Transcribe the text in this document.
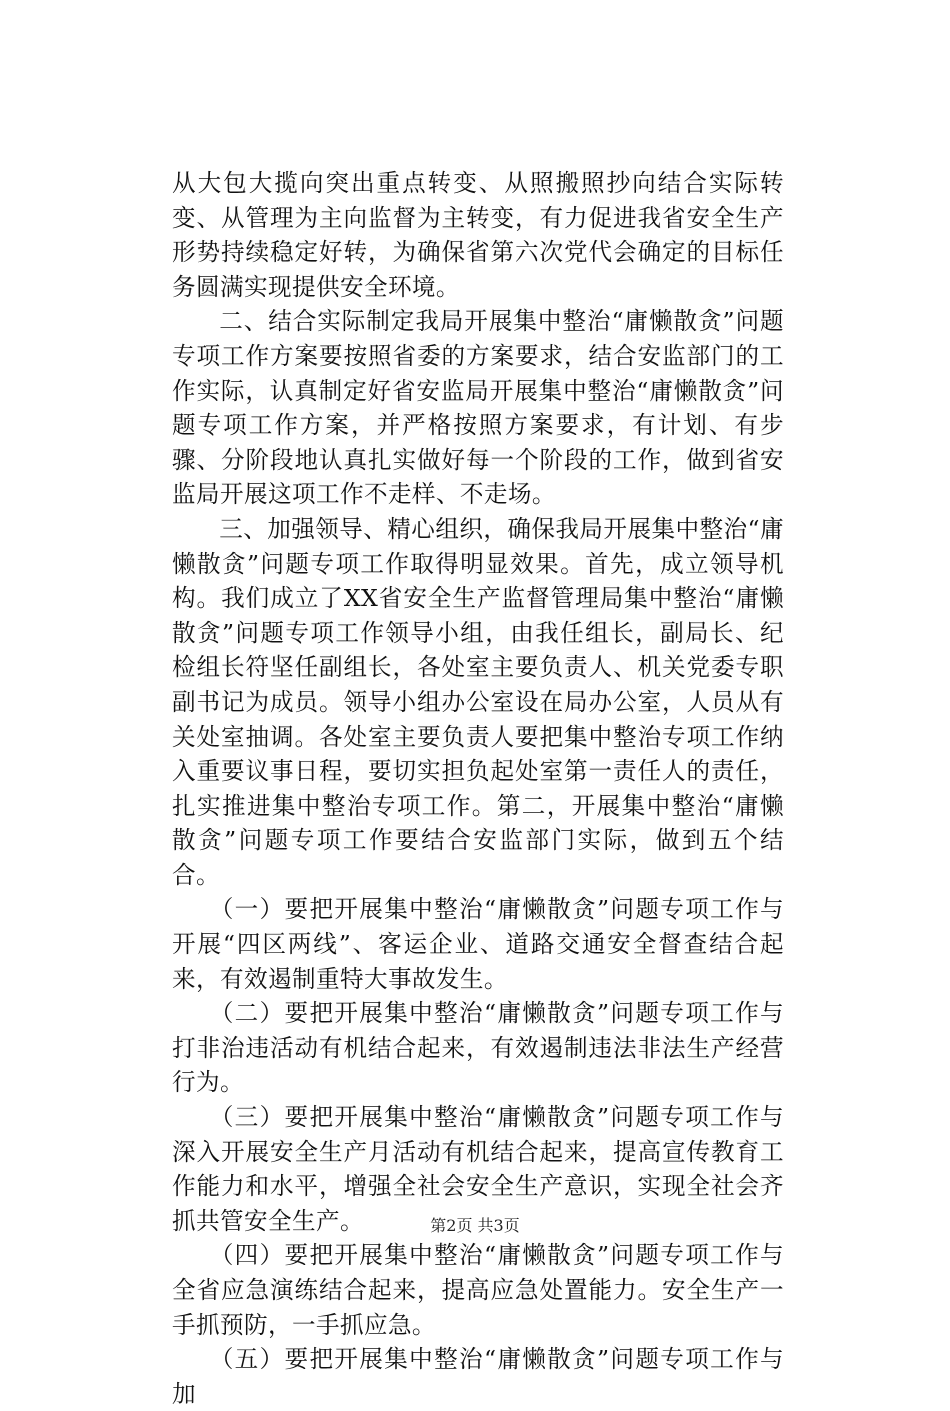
从大包大揽向突出重点转变、从照搬照抄向结合实际转变、从管理为主向监督为主转变，有力促进我省安全生产形势持续稳定好转，为确保省第六次党代会确定的目标任务圆满实现提供安全环境。

二、结合实际制定我局开展集中整治“庸懒散贪”问题专项工作方案要按照省委的方案要求，结合安监部门的工作实际，认真制定好省安监局开展集中整治“庸懒散贪”问题专项工作方案，并严格按照方案要求，有计划、有步骤、分阶段地认真扎实做好每一个阶段的工作，做到省安监局开展这项工作不走样、不走场。

三、加强领导、精心组织，确保我局开展集中整治“庸懒散贪”问题专项工作取得明显效果。首先，成立领导机构。我们成立了XX省安全生产监督管理局集中整治“庸懒散贪”问题专项工作领导小组，由我任组长，副局长、纪检组长符坚任副组长，各处室主要负责人、机关党委专职副书记为成员。领导小组办公室设在局办公室，人员从有关处室抽调。各处室主要负责人要把集中整治专项工作纳入重要议事日程，要切实担负起处室第一责任人的责任，扎实推进集中整治专项工作。第二，开展集中整治“庸懒散贪”问题专项工作要结合安监部门实际，做到五个结合。

（一）要把开展集中整治“庸懒散贪”问题专项工作与开展“四区两线”、客运企业、道路交通安全督查结合起来，有效遏制重特大事故发生。

（二）要把开展集中整治“庸懒散贪”问题专项工作与打非治违活动有机结合起来，有效遏制违法非法生产经营行为。

（三）要把开展集中整治“庸懒散贪”问题专项工作与深入开展安全生产月活动有机结合起来，提高宣传教育工作能力和水平，增强全社会安全生产意识，实现全社会齐抓共管安全生产。

（四）要把开展集中整治“庸懒散贪”问题专项工作与全省应急演练结合起来，提高应急处置能力。安全生产一手抓预防，一手抓应急。

（五）要把开展集中整治“庸懒散贪”问题专项工作与加

第2页 共3页
